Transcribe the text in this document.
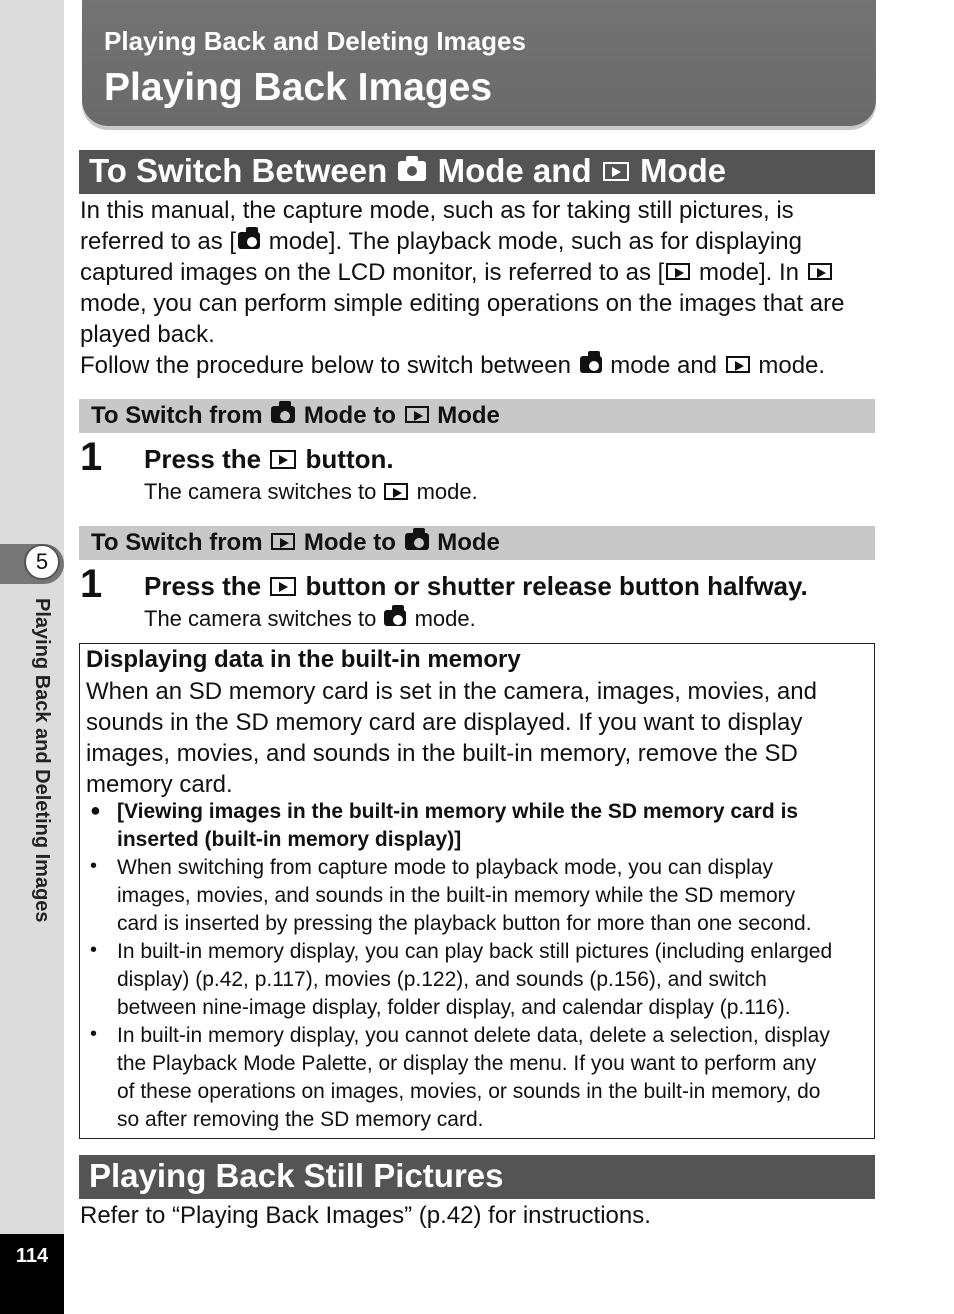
5
Playing Back and Deleting Images
114
Playing Back and Deleting Images
Playing Back Images
To Switch Between Mode and Mode
In this manual, the capture mode, such as for taking still pictures, is
referred to as [ mode]. The playback mode, such as for displaying
captured images on the LCD monitor, is referred to as [ mode]. In
mode, you can perform simple editing operations on the images that are
played back.
Follow the procedure below to switch between  mode and  mode.
To Switch from Mode to Mode
1 Press the button.
The camera switches to mode.
To Switch from Mode to Mode
1 Press the button or shutter release button halfway.
The camera switches to mode.
Displaying data in the built-in memory
When an SD memory card is set in the camera, images, movies, and
sounds in the SD memory card are displayed. If you want to display
images, movies, and sounds in the built-in memory, remove the SD
memory card.
● [Viewing images in the built-in memory while the SD memory card is
inserted (built-in memory display)]
• When switching from capture mode to playback mode, you can display
images, movies, and sounds in the built-in memory while the SD memory
card is inserted by pressing the playback button for more than one second.
• In built-in memory display, you can play back still pictures (including enlarged
display) (p.42, p.117), movies (p.122), and sounds (p.156), and switch
between nine-image display, folder display, and calendar display (p.116).
• In built-in memory display, you cannot delete data, delete a selection, display
the Playback Mode Palette, or display the menu. If you want to perform any
of these operations on images, movies, or sounds in the built-in memory, do
so after removing the SD memory card.
Playing Back Still Pictures
Refer to “Playing Back Images” (p.42) for instructions.
